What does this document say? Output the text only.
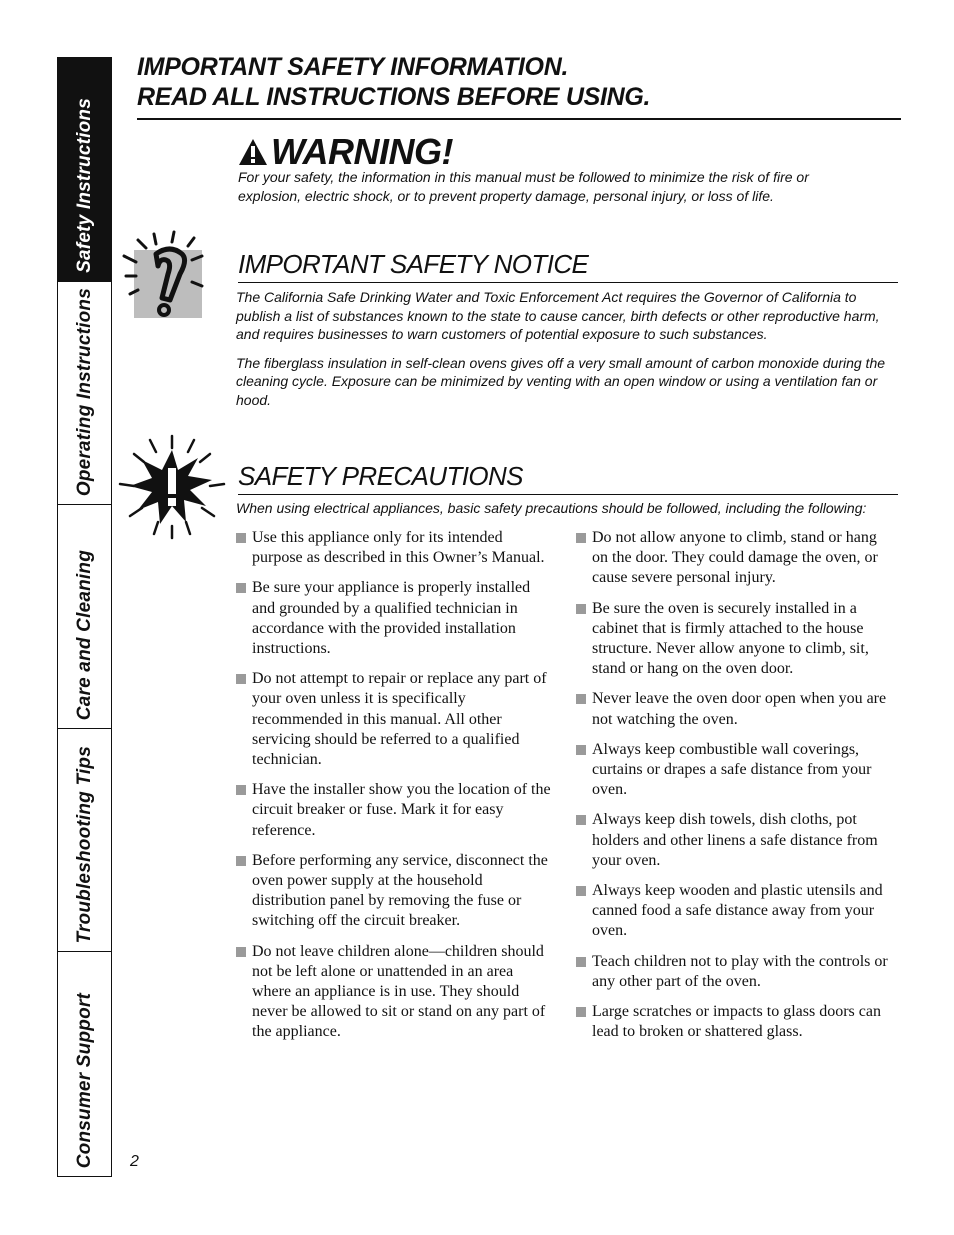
Safety Instructions
Operating Instructions
Care and Cleaning
Troubleshooting Tips
Consumer Support
IMPORTANT SAFETY INFORMATION.
READ ALL INSTRUCTIONS BEFORE USING.
WARNING!
For your safety, the information in this manual must be followed to minimize the risk of fire or explosion, electric shock, or to prevent property damage, personal injury, or loss of life.
IMPORTANT SAFETY NOTICE

The California Safe Drinking Water and Toxic Enforcement Act requires the Governor of California to publish a list of substances known to the state to cause cancer, birth defects or other reproductive harm, and requires businesses to warn customers of potential exposure to such substances.

The fiberglass insulation in self-clean ovens gives off a very small amount of carbon monoxide during the cleaning cycle. Exposure can be minimized by venting with an open window or using a ventilation fan or hood.

SAFETY PRECAUTIONS
When using electrical appliances, basic safety precautions should be followed, including the following:
Use this appliance only for its intended purpose as described in this Owner’s Manual.
Be sure your appliance is properly installed and grounded by a qualified technician in accordance with the provided installation instructions.
Do not attempt to repair or replace any part of your oven unless it is specifically recommended in this manual. All other servicing should be referred to a qualified technician.
Have the installer show you the location of the circuit breaker or fuse. Mark it for easy reference.
Before performing any service, disconnect the oven power supply at the household distribution panel by removing the fuse or switching off the circuit breaker.
Do not leave children alone—children should not be left alone or unattended in an area where an appliance is in use. They should never be allowed to sit or stand on any part of the appliance.
Do not allow anyone to climb, stand or hang on the door. They could damage the oven, or cause severe personal injury.
Be sure the oven is securely installed in a cabinet that is firmly attached to the house structure. Never allow anyone to climb, sit, stand or hang on the oven door.
Never leave the oven door open when you are not watching the oven.
Always keep combustible wall coverings, curtains or drapes a safe distance from your oven.
Always keep dish towels, dish cloths, pot holders and other linens a safe distance from your oven.
Always keep wooden and plastic utensils and canned food a safe distance away from your oven.
Teach children not to play with the controls or any other part of the oven.
Large scratches or impacts to glass doors can lead to broken or shattered glass.
2
